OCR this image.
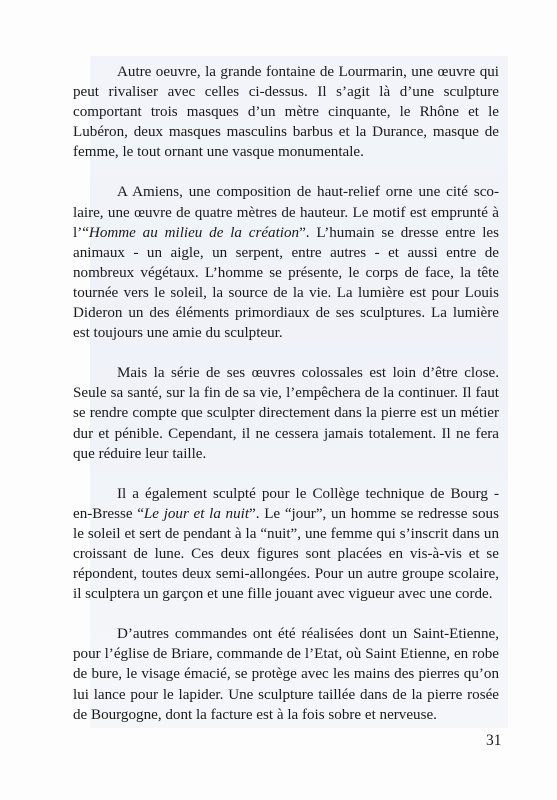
Autre oeuvre, la grande fontaine de Lourmarin, une œuvre qui peut rivaliser avec celles ci-dessus. Il s’agit là d’une sculpture comportant trois masques d’un mètre cinquante, le Rhône et le Lubéron, deux masques masculins barbus et la Durance, masque de femme, le tout ornant une vasque monumentale.

A Amiens, une composition de haut-relief orne une cité scolaire, une œuvre de quatre mètres de hauteur. Le motif est emprunté à l’“Homme au milieu de la création”. L’humain se dresse entre les animaux - un aigle, un serpent, entre autres - et aussi entre de nombreux végétaux. L’homme se présente, le corps de face, la tête tournée vers le soleil, la source de la vie. La lumière est pour Louis Dideron un des éléments primordiaux de ses sculptures. La lumière est toujours une amie du sculpteur.

Mais la série de ses œuvres colossales est loin d’être close. Seule sa santé, sur la fin de sa vie, l’empêchera de la continuer. Il faut se rendre compte que sculpter directement dans la pierre est un métier dur et pénible. Cependant, il ne cessera jamais totalement. Il ne fera que réduire leur taille.

Il a également sculpté pour le Collège technique de Bourg - en-Bresse “Le jour et la nuit”. Le “jour”, un homme se redresse sous le soleil et sert de pendant à la “nuit”, une femme qui s’inscrit dans un croissant de lune. Ces deux figures sont placées en vis-à-vis et se répondent, toutes deux semi-allongées. Pour un autre groupe scolaire, il sculptera un garçon et une fille jouant avec vigueur avec une corde.

D’autres commandes ont été réalisées dont un Saint-Etienne, pour l’église de Briare, commande de l’Etat, où Saint Etienne, en robe de bure, le visage émacié, se protège avec les mains des pierres qu’on lui lance pour le lapider. Une sculpture taillée dans de la pierre rosée de Bourgogne, dont la facture est à la fois sobre et nerveuse.

31
